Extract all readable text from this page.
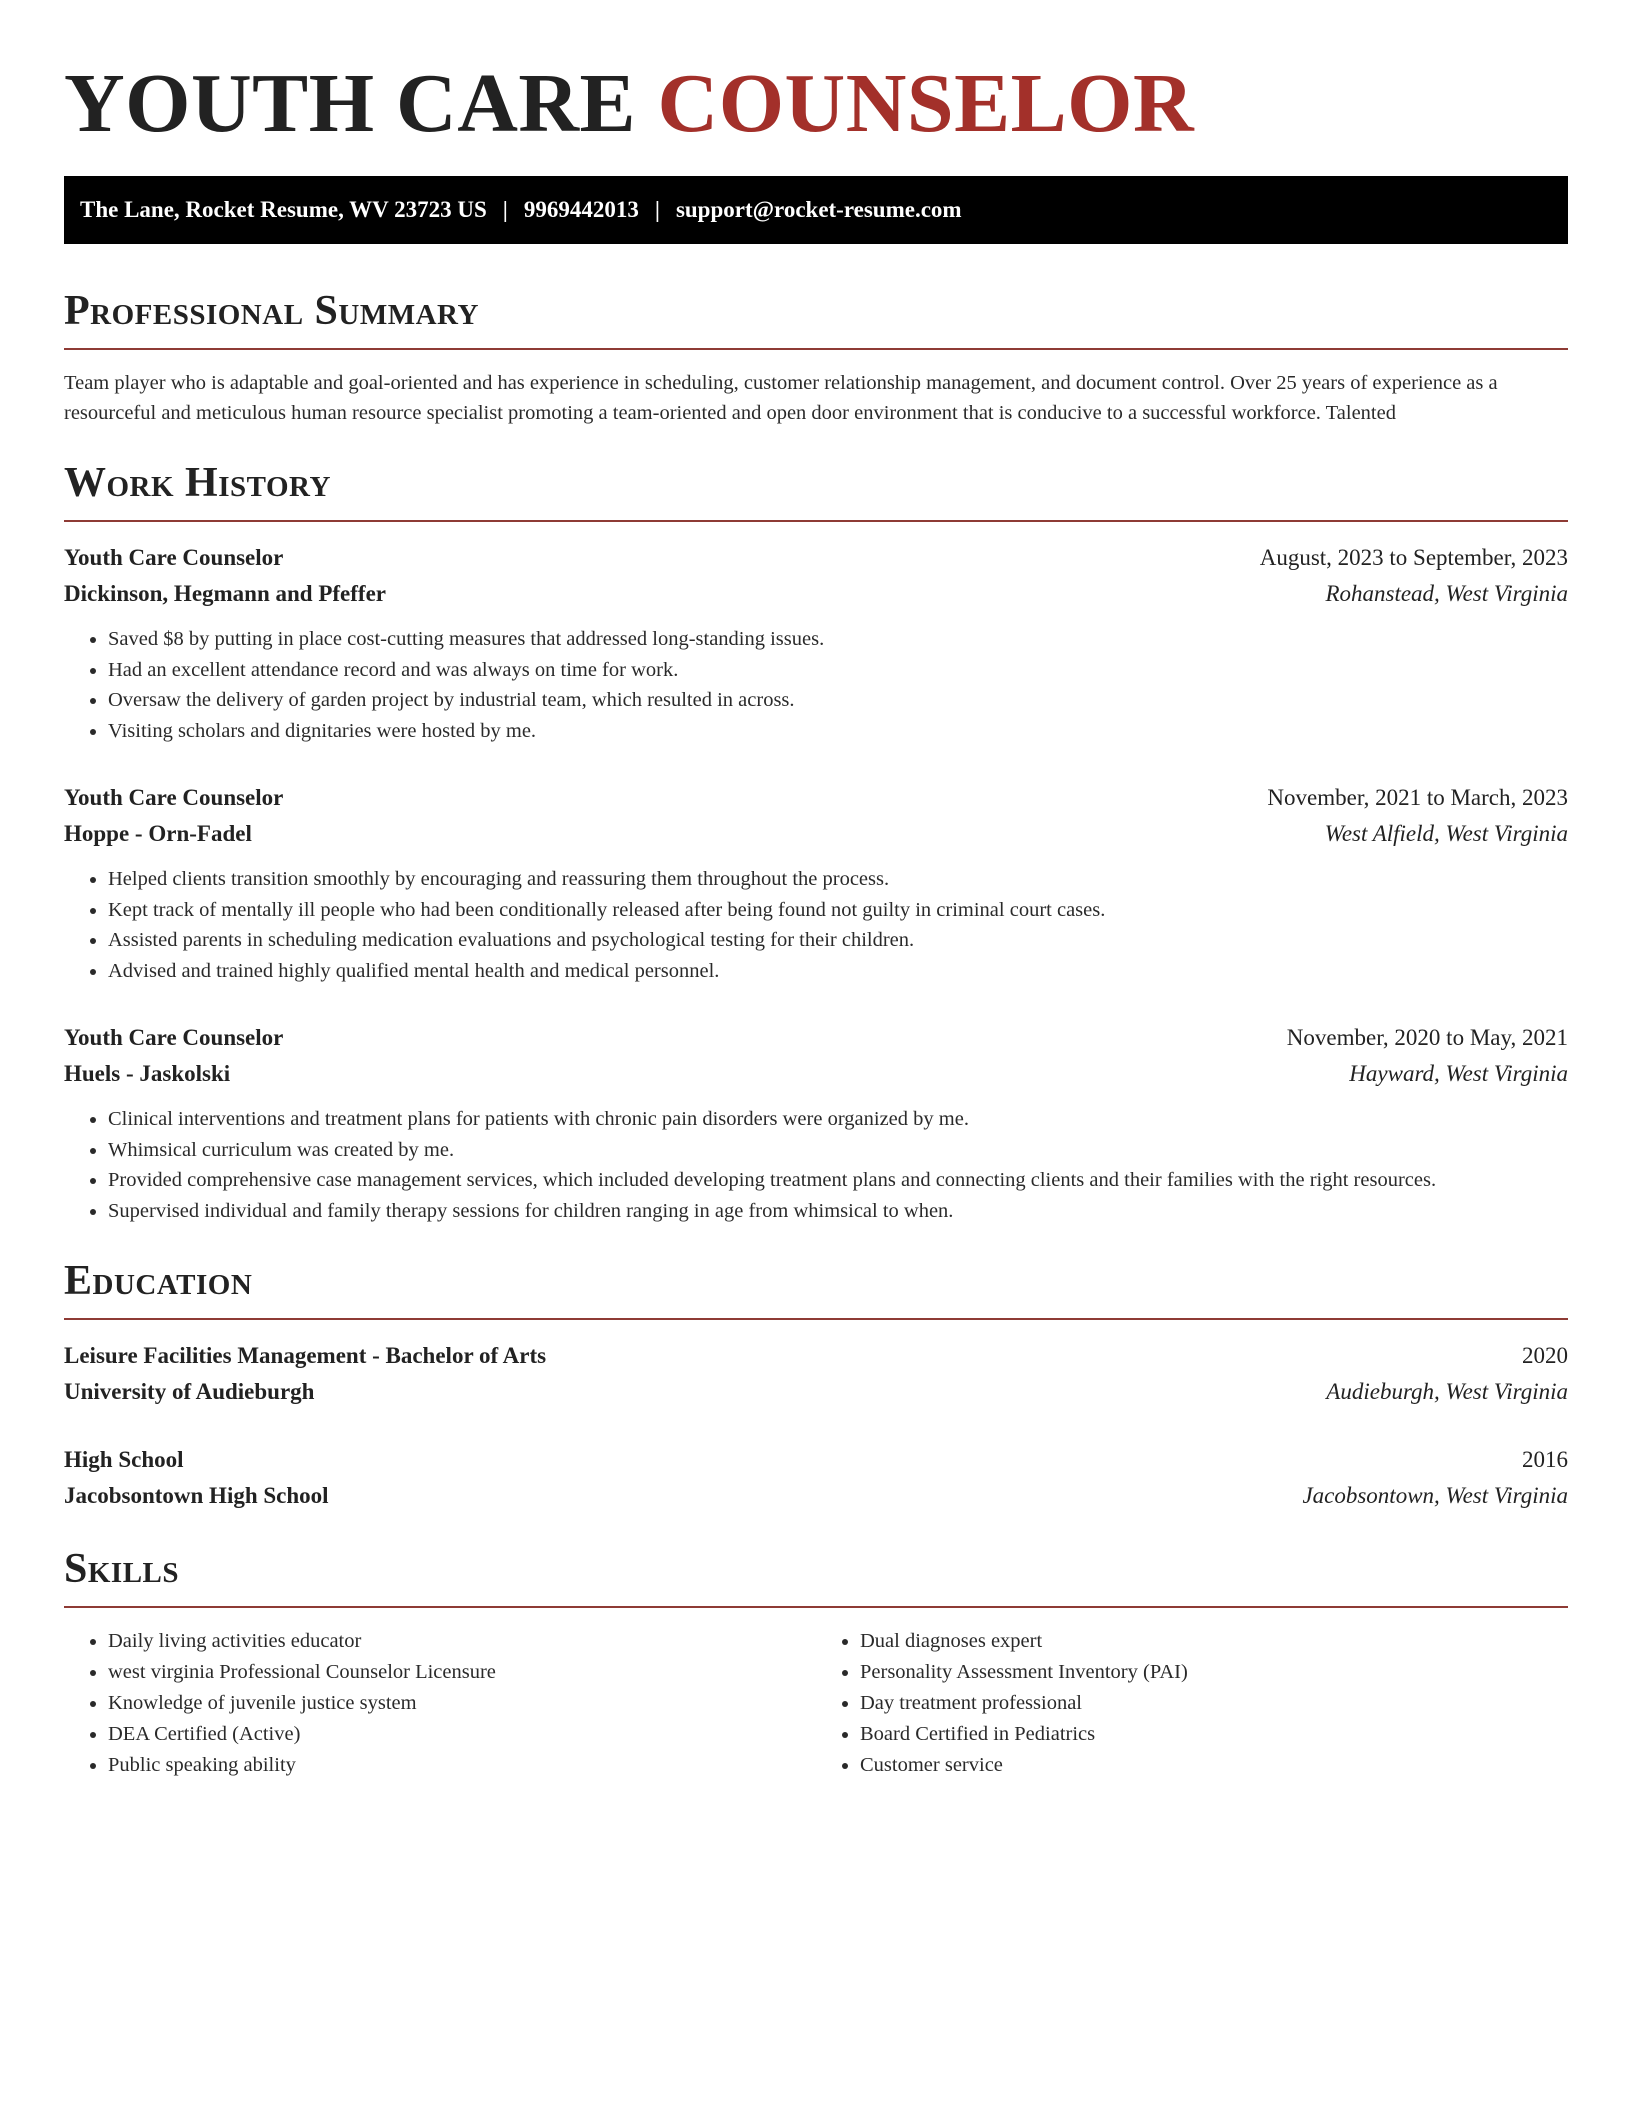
YOUTH CARE COUNSELOR
The Lane, Rocket Resume, WV 23723 US | 9969442013 | support@rocket-resume.com
Professional Summary

Team player who is adaptable and goal-oriented and has experience in scheduling, customer relationship management, and document control. Over 25 years of experience as a resourceful and meticulous human resource specialist promoting a team-oriented and open door environment that is conducive to a successful workforce. Talented

Work History
Youth Care Counselor	August, 2023 to September, 2023
Dickinson, Hegmann and Pfeffer	Rohanstead, West Virginia
• Saved $8 by putting in place cost-cutting measures that addressed long-standing issues.
• Had an excellent attendance record and was always on time for work.
• Oversaw the delivery of garden project by industrial team, which resulted in across.
• Visiting scholars and dignitaries were hosted by me.
Youth Care Counselor	November, 2021 to March, 2023
Hoppe - Orn-Fadel	West Alfield, West Virginia
• Helped clients transition smoothly by encouraging and reassuring them throughout the process.
• Kept track of mentally ill people who had been conditionally released after being found not guilty in criminal court cases.
• Assisted parents in scheduling medication evaluations and psychological testing for their children.
• Advised and trained highly qualified mental health and medical personnel.
Youth Care Counselor	November, 2020 to May, 2021
Huels - Jaskolski	Hayward, West Virginia
• Clinical interventions and treatment plans for patients with chronic pain disorders were organized by me.
• Whimsical curriculum was created by me.
• Provided comprehensive case management services, which included developing treatment plans and connecting clients and their families with the right resources.
• Supervised individual and family therapy sessions for children ranging in age from whimsical to when.
Education
Leisure Facilities Management - Bachelor of Arts	2020
University of Audieburgh	Audieburgh, West Virginia
High School	2016
Jacobsontown High School	Jacobsontown, West Virginia
Skills
• Daily living activities educator
• west virginia Professional Counselor Licensure
• Knowledge of juvenile justice system
• DEA Certified (Active)
• Public speaking ability
• Dual diagnoses expert
• Personality Assessment Inventory (PAI)
• Day treatment professional
• Board Certified in Pediatrics
• Customer service
